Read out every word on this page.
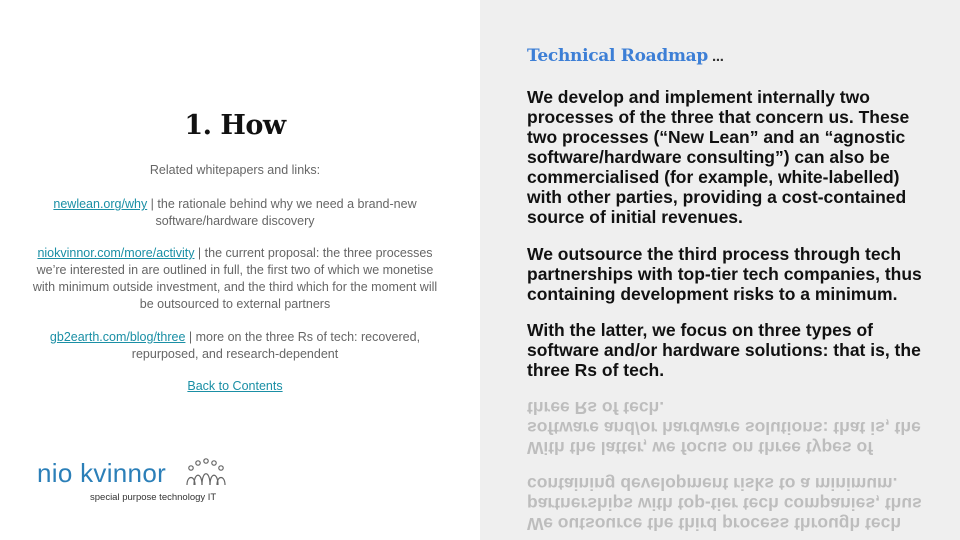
1. How
Related whitepapers and links:
newlean.org/why | the rationale behind why we need a brand-new software/hardware discovery
niokvinnor.com/more/activity | the current proposal: the three processes we’re interested in are outlined in full, the first two of which we monetise with minimum outside investment, and the third which for the moment will be outsourced to external partners
gb2earth.com/blog/three | more on the three Rs of tech: recovered, repurposed, and research-dependent
Back to Contents
nio kvinnor
special purpose technology IT
Technical Roadmap ...
We develop and implement internally two processes of the three that concern us. These two processes (“New Lean” and an “agnostic software/hardware consulting”) can also be commercialised (for example, white-labelled) with other parties, providing a cost-contained source of initial revenues.
We outsource the third process through tech partnerships with top-tier tech companies, thus containing development risks to a minimum.
With the latter, we focus on three types of software and/or hardware solutions: that is, the three Rs of tech.
We outsource the third process through tech partnerships with top-tier tech companies, thus containing development risks to a minimum.
With the latter, we focus on three types of software and/or hardware solutions: that is, the three Rs of tech.
